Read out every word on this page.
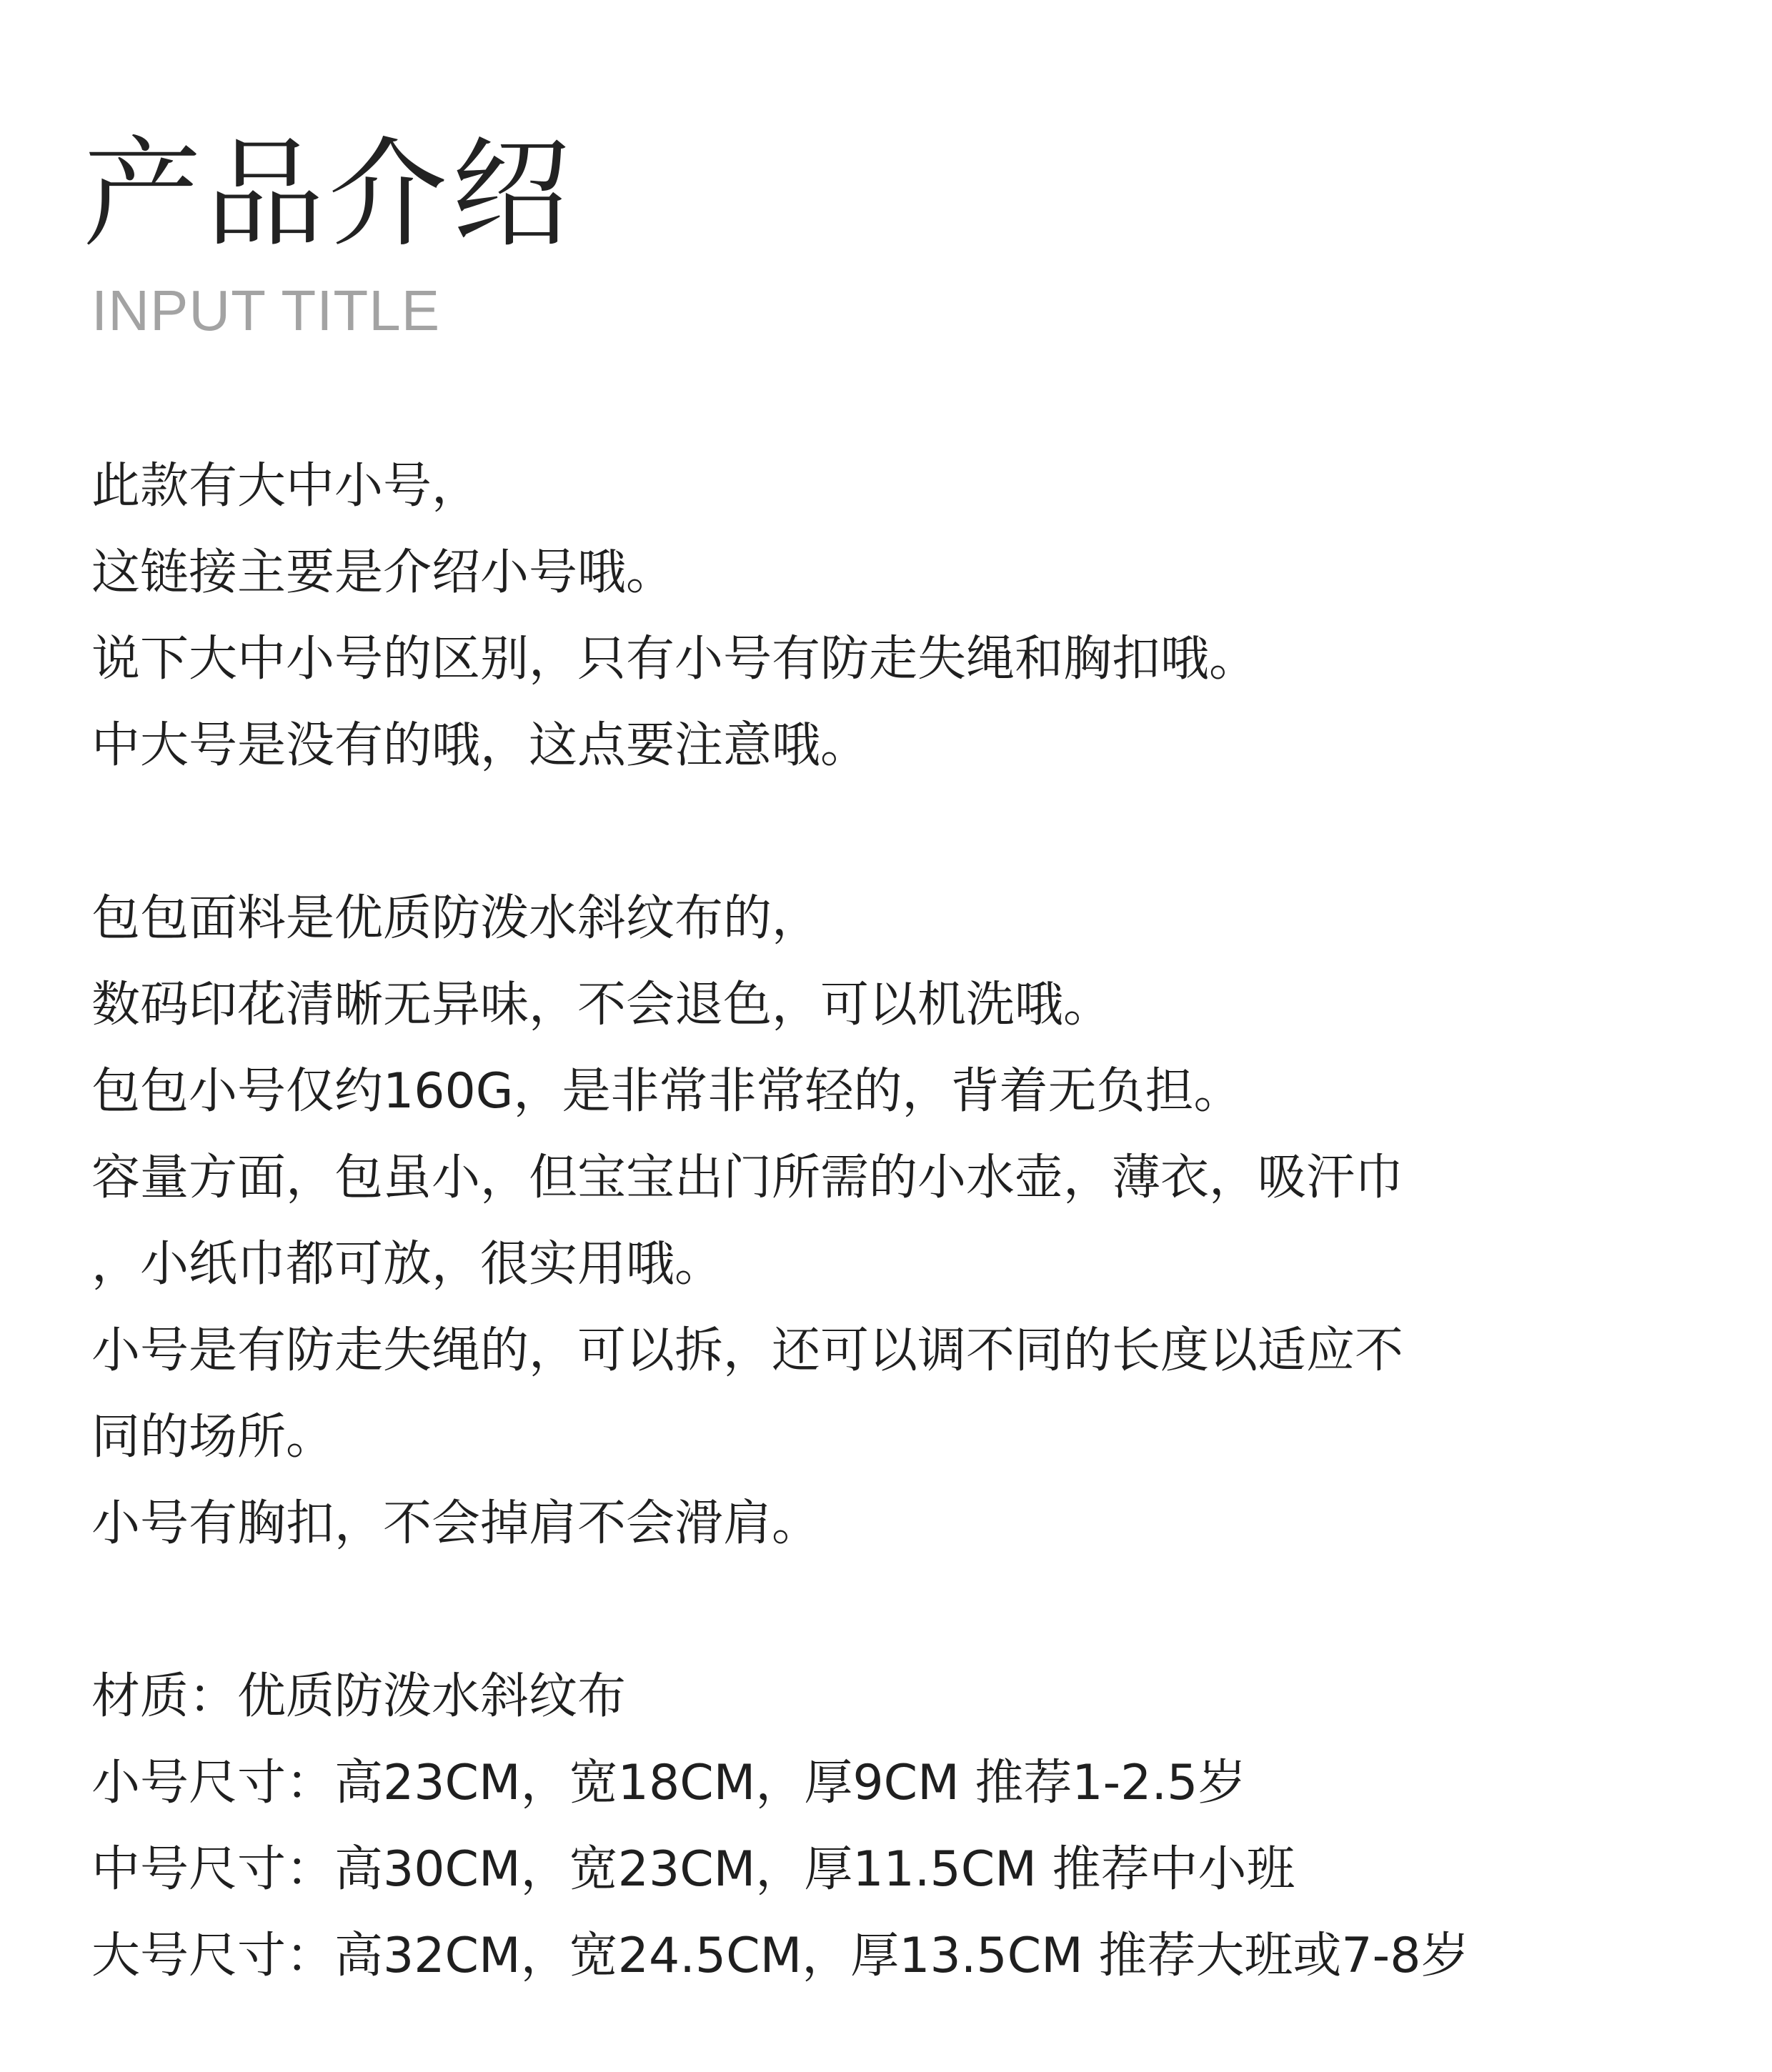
产品介绍
INPUT TITLE
此款有大中小号，
这链接主要是介绍小号哦。
说下大中小号的区别，只有小号有防走失绳和胸扣哦。
中大号是没有的哦，这点要注意哦。
包包面料是优质防泼水斜纹布的，
数码印花清晰无异味，不会退色，可以机洗哦。
包包小号仅约160G，是非常非常轻的，背着无负担。
容量方面，包虽小，但宝宝出门所需的小水壶，薄衣，吸汗巾
，小纸巾都可放，很实用哦。
小号是有防走失绳的，可以拆，还可以调不同的长度以适应不
同的场所。
小号有胸扣，不会掉肩不会滑肩。
材质：优质防泼水斜纹布
小号尺寸：高23CM，宽18CM，厚9CM 推荐1-2.5岁
中号尺寸：高30CM，宽23CM，厚11.5CM 推荐中小班
大号尺寸：高32CM，宽24.5CM，厚13.5CM 推荐大班或7-8岁
